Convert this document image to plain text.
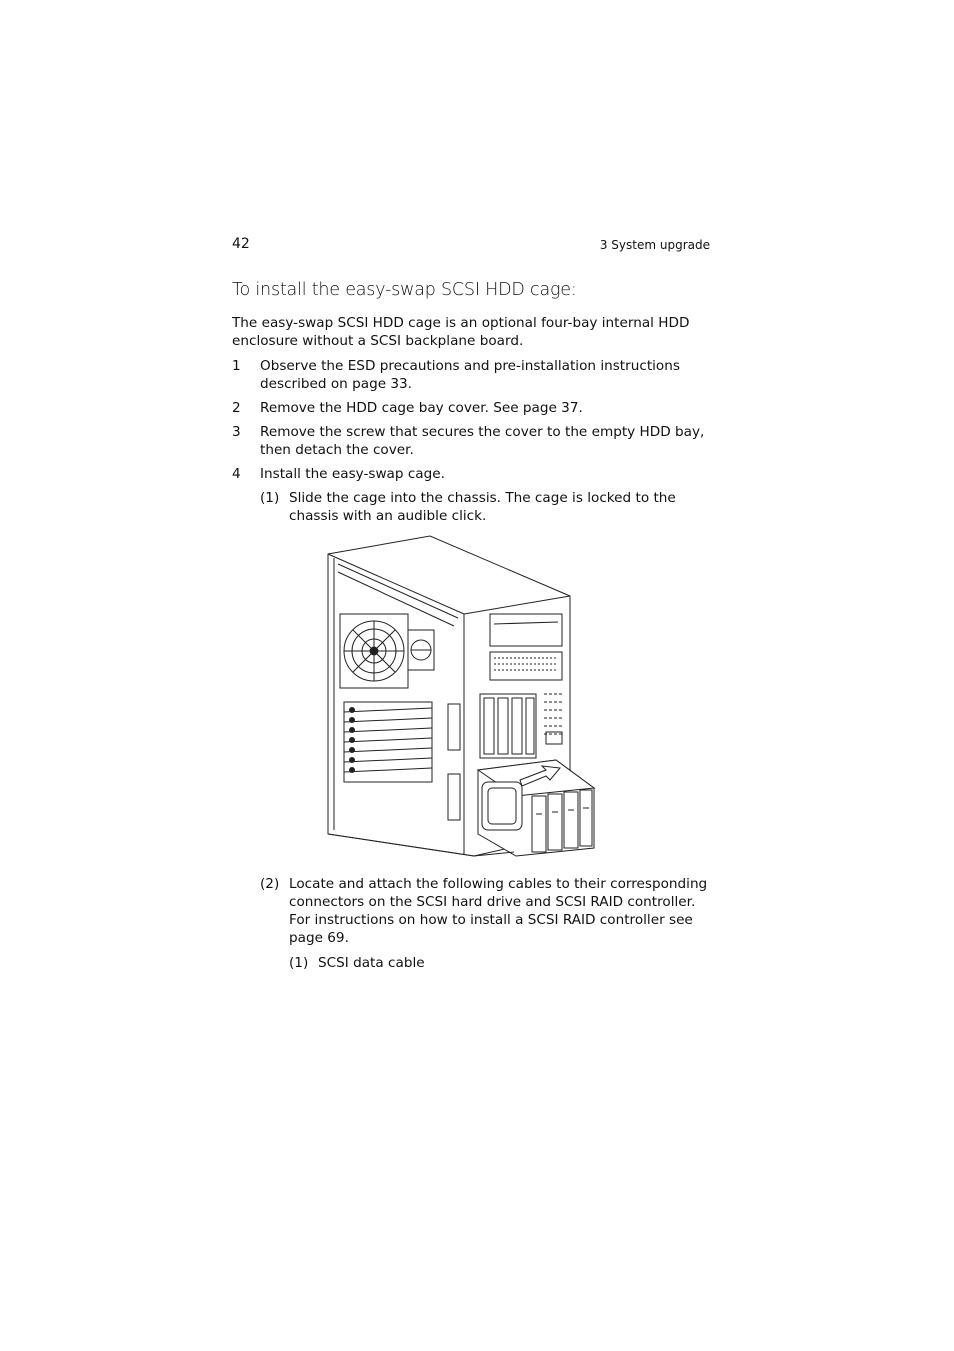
42	3 System upgrade
To install the easy-swap SCSI HDD cage:

The easy-swap SCSI HDD cage is an optional four-bay internal HDD enclosure without a SCSI backplane board.

1 Observe the ESD precautions and pre-installation instructions described on page 33.
2 Remove the HDD cage bay cover. See page 37.
3 Remove the screw that secures the cover to the empty HDD bay, then detach the cover.
4 Install the easy-swap cage.
(1) Slide the cage into the chassis. The cage is locked to the chassis with an audible click.
(2) Locate and attach the following cables to their corresponding connectors on the SCSI hard drive and SCSI RAID controller. For instructions on how to install a SCSI RAID controller see page 69.
(1) SCSI data cable
